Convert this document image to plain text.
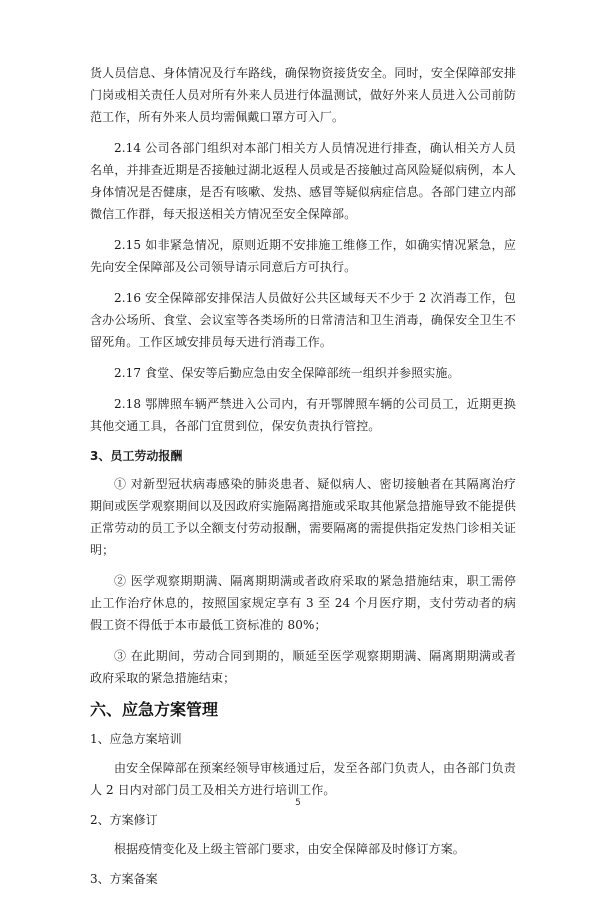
货人员信息、身体情况及行车路线，确保物资接货安全。同时，安全保障部安排门岗或相关责任人员对所有外来人员进行体温测试，做好外来人员进入公司前防范工作，所有外来人员均需佩戴口罩方可入厂。

2.14 公司各部门组织对本部门相关方人员情况进行排查，确认相关方人员名单，并排查近期是否接触过湖北返程人员或是否接触过高风险疑似病例，本人身体情况是否健康，是否有咳嗽、发热、感冒等疑似病症信息。各部门建立内部微信工作群，每天报送相关方情况至安全保障部。

2.15 如非紧急情况，原则近期不安排施工维修工作，如确实情况紧急，应先向安全保障部及公司领导请示同意后方可执行。

2.16 安全保障部安排保洁人员做好公共区域每天不少于 2 次消毒工作，包含办公场所、食堂、会议室等各类场所的日常清洁和卫生消毒，确保安全卫生不留死角。工作区域安排员每天进行消毒工作。

2.17 食堂、保安等后勤应急由安全保障部统一组织并参照实施。

2.18 鄂牌照车辆严禁进入公司内，有开鄂牌照车辆的公司员工，近期更换其他交通工具，各部门宜贯到位，保安负责执行管控。

3、员工劳动报酬

① 对新型冠状病毒感染的肺炎患者、疑似病人、密切接触者在其隔离治疗期间或医学观察期间以及因政府实施隔离措施或采取其他紧急措施导致不能提供正常劳动的员工予以全额支付劳动报酬，需要隔离的需提供指定发热门诊相关证明；

② 医学观察期期满、隔离期期满或者政府采取的紧急措施结束，职工需停止工作治疗休息的，按照国家规定享有 3 至 24 个月医疗期，支付劳动者的病假工资不得低于本市最低工资标准的 80%；

③ 在此期间，劳动合同到期的，顺延至医学观察期期满、隔离期期满或者政府采取的紧急措施结束；

六、应急方案管理
1、应急方案培训

由安全保障部在预案经领导审核通过后，发至各部门负责人，由各部门负责人 2 日内对部门员工及相关方进行培训工作。

2、方案修订

根据疫情变化及上级主管部门要求，由安全保障部及时修订方案。

3、方案备案
5
